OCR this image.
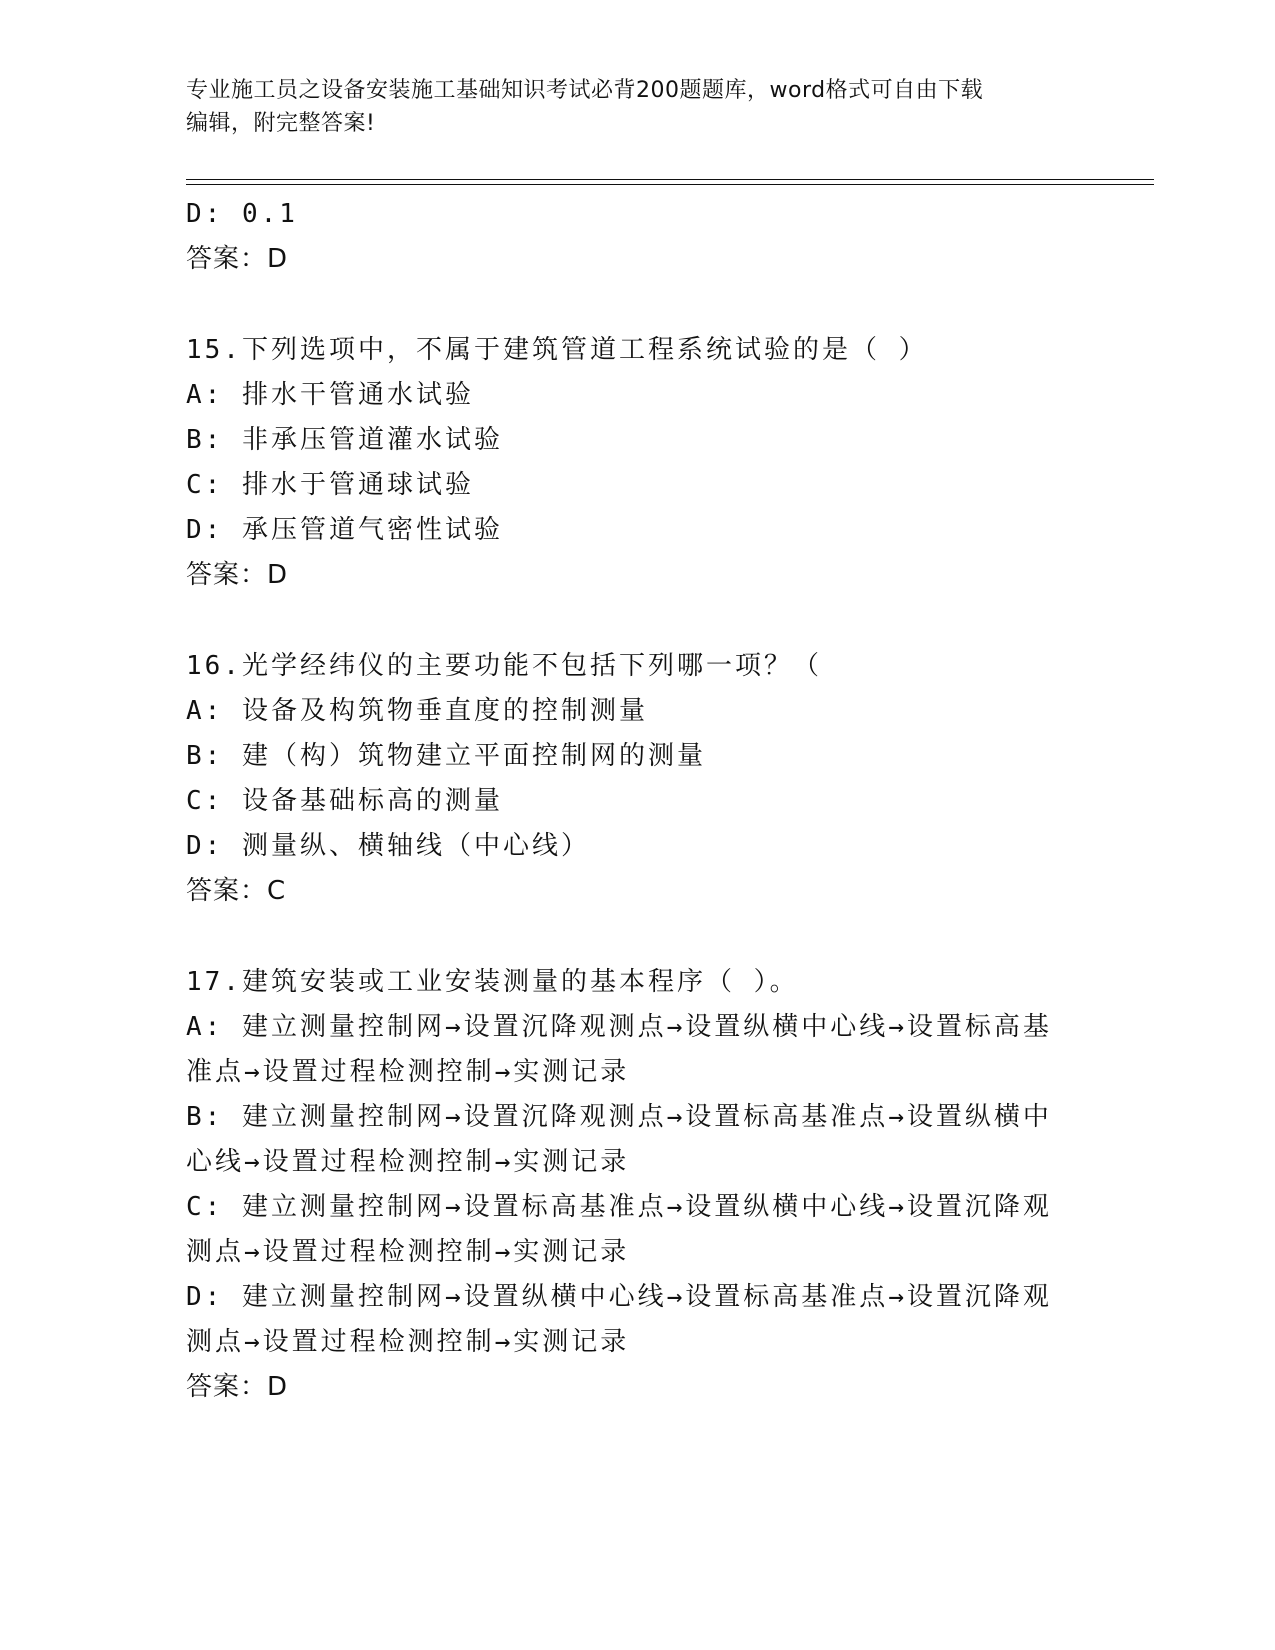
专业施工员之设备安装施工基础知识考试必背200题题库，word格式可自由下载
编辑，附完整答案!
D: 0.1
答案：D
15.下列选项中，不属于建筑管道工程系统试验的是（ ）
A: 排水干管通水试验
B: 非承压管道灌水试验
C: 排水于管通球试验
D: 承压管道气密性试验
答案：D
16.光学经纬仪的主要功能不包括下列哪一项？（
A: 设备及构筑物垂直度的控制测量
B: 建（构）筑物建立平面控制网的测量
C: 设备基础标高的测量
D: 测量纵、横轴线（中心线）
答案：C
17.建筑安装或工业安装测量的基本程序（ ）。
A: 建立测量控制网→设置沉降观测点→设置纵横中心线→设置标高基
准点→设置过程检测控制→实测记录
B: 建立测量控制网→设置沉降观测点→设置标高基准点→设置纵横中
心线→设置过程检测控制→实测记录
C: 建立测量控制网→设置标高基准点→设置纵横中心线→设置沉降观
测点→设置过程检测控制→实测记录
D: 建立测量控制网→设置纵横中心线→设置标高基准点→设置沉降观
测点→设置过程检测控制→实测记录
答案：D
